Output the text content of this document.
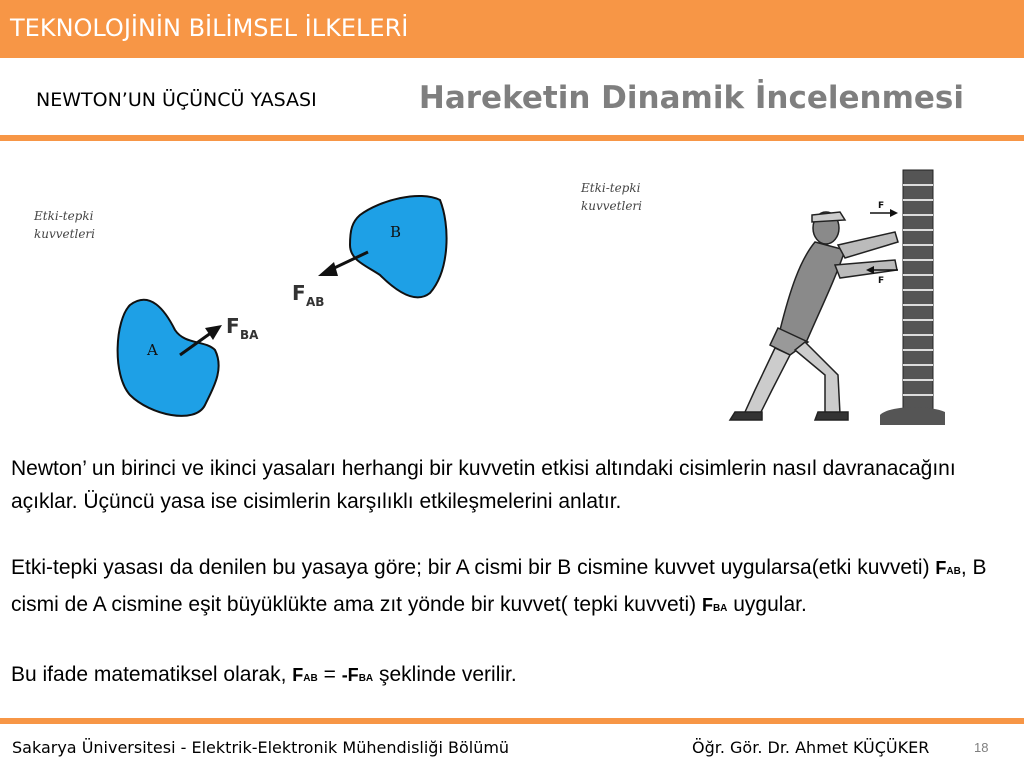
TEKNOLOJİNİN BİLİMSEL İLKELERİ
NEWTON’UN ÜÇÜNCÜ YASASI	Hareketin Dinamik İncelenmesi
Etki-tepki
kuvvetleri
A
F BA
B
F AB
Etki-tepki
kuvvetleri	F
F

Newton’ un birinci ve ikinci yasaları herhangi bir kuvvetin etkisi altındaki cisimlerin nasıl davranacağını açıklar. Üçüncü yasa ise cisimlerin karşılıklı etkileşmelerini anlatır.

Etki-tepki yasası da denilen bu yasaya göre; bir A cismi bir B cismine kuvvet uygularsa(etki kuvveti) FAB, B cismi de A cismine eşit büyüklükte ama zıt yönde bir kuvvet( tepki kuvveti) FBA uygular.

Bu ifade matematiksel olarak, FAB = -FBA şeklinde verilir.

Sakarya Üniversitesi - Elektrik-Elektronik Mühendisliği Bölümü	Öğr. Gör. Dr. Ahmet KÜÇÜKER	18
